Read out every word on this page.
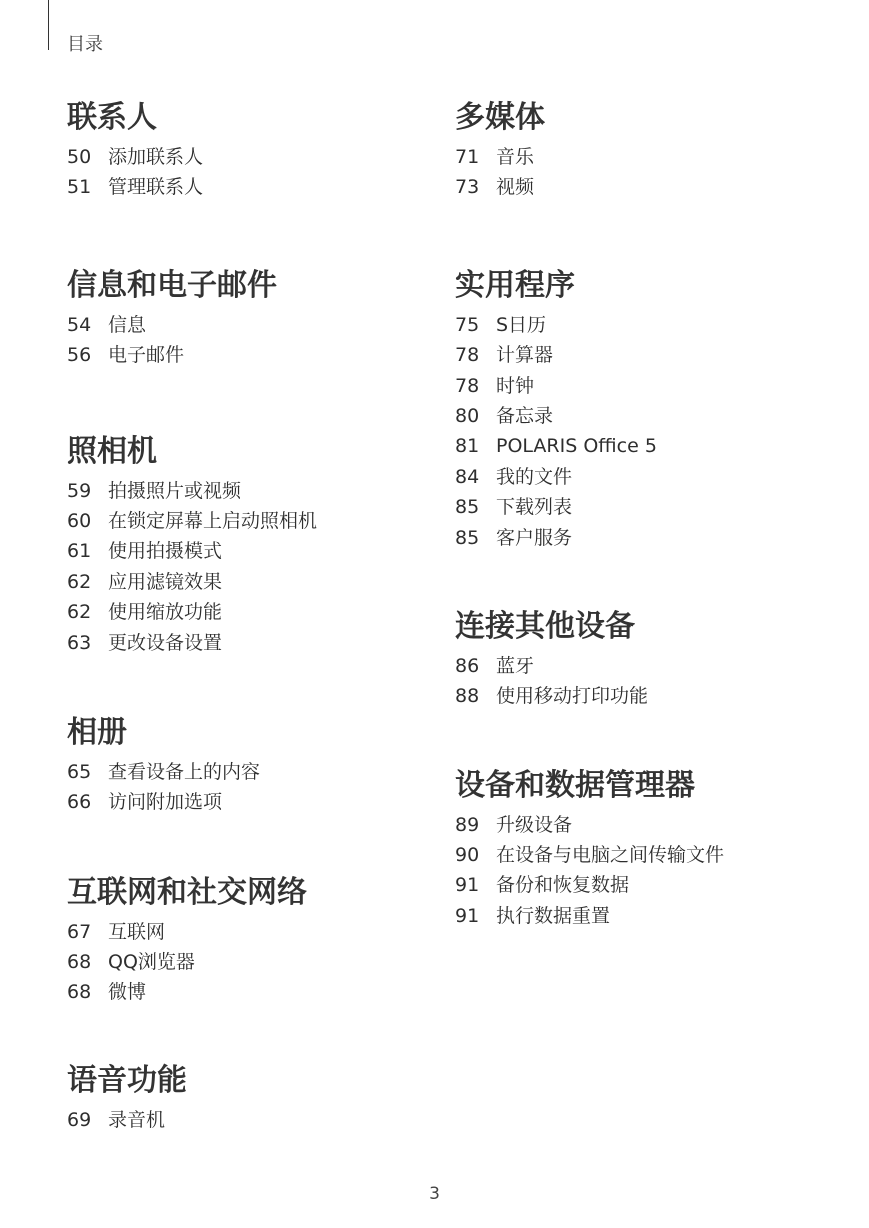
目录
联系人
50 添加联系人
51 管理联系人
信息和电子邮件
54 信息
56 电子邮件
照相机
59 拍摄照片或视频
60 在锁定屏幕上启动照相机
61 使用拍摄模式
62 应用滤镜效果
62 使用缩放功能
63 更改设备设置
相册
65 查看设备上的内容
66 访问附加选项
互联网和社交网络
67 互联网
68 QQ浏览器
68 微博
语音功能
69 录音机
多媒体
71 音乐
73 视频
实用程序
75 S日历
78 计算器
78 时钟
80 备忘录
81 POLARIS Office 5
84 我的文件
85 下载列表
85 客户服务
连接其他设备
86 蓝牙
88 使用移动打印功能
设备和数据管理器
89 升级设备
90 在设备与电脑之间传输文件
91 备份和恢复数据
91 执行数据重置
3
